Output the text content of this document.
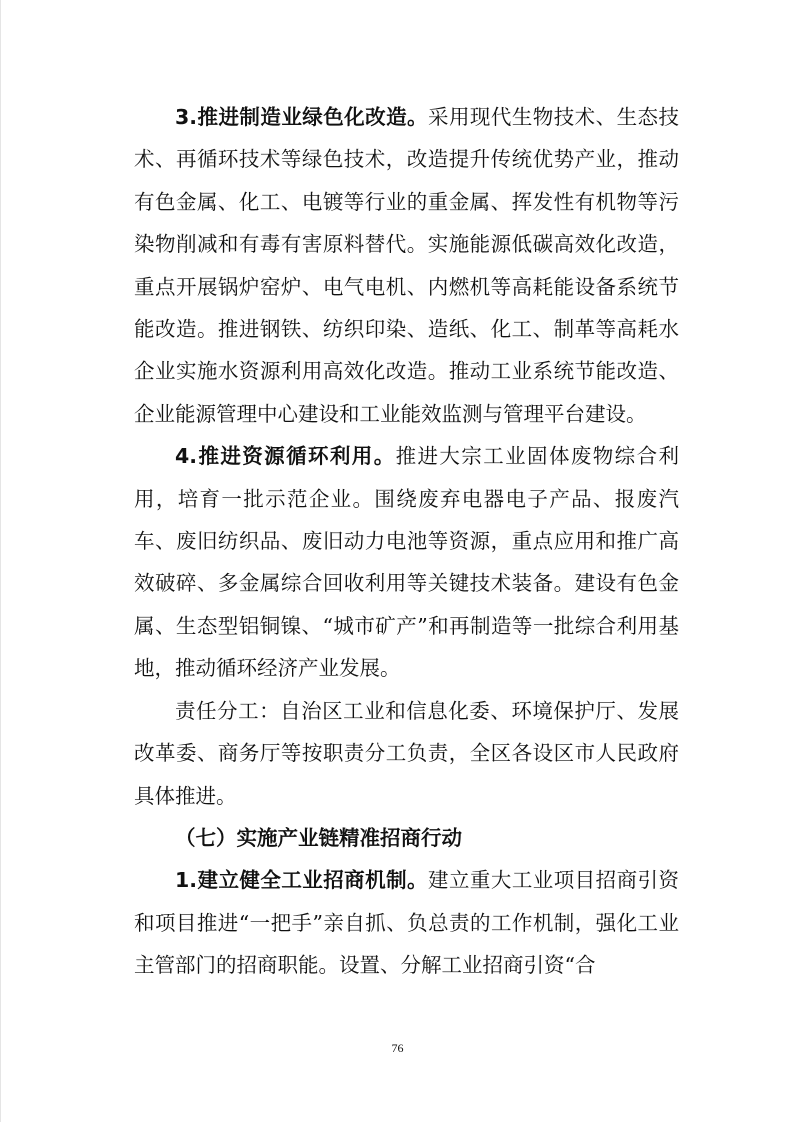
3.推进制造业绿色化改造。采用现代生物技术、生态技术、再循环技术等绿色技术，改造提升传统优势产业，推动有色金属、化工、电镀等行业的重金属、挥发性有机物等污染物削减和有毒有害原料替代。实施能源低碳高效化改造，重点开展锅炉窑炉、电气电机、内燃机等高耗能设备系统节能改造。推进钢铁、纺织印染、造纸、化工、制革等高耗水企业实施水资源利用高效化改造。推动工业系统节能改造、企业能源管理中心建设和工业能效监测与管理平台建设。

4.推进资源循环利用。推进大宗工业固体废物综合利用，培育一批示范企业。围绕废弃电器电子产品、报废汽车、废旧纺织品、废旧动力电池等资源，重点应用和推广高效破碎、多金属综合回收利用等关键技术装备。建设有色金属、生态型铝铜镍、“城市矿产”和再制造等一批综合利用基地，推动循环经济产业发展。

责任分工：自治区工业和信息化委、环境保护厅、发展改革委、商务厅等按职责分工负责，全区各设区市人民政府具体推进。

（七）实施产业链精准招商行动

1.建立健全工业招商机制。建立重大工业项目招商引资和项目推进“一把手”亲自抓、负总责的工作机制，强化工业主管部门的招商职能。设置、分解工业招商引资“合

76
